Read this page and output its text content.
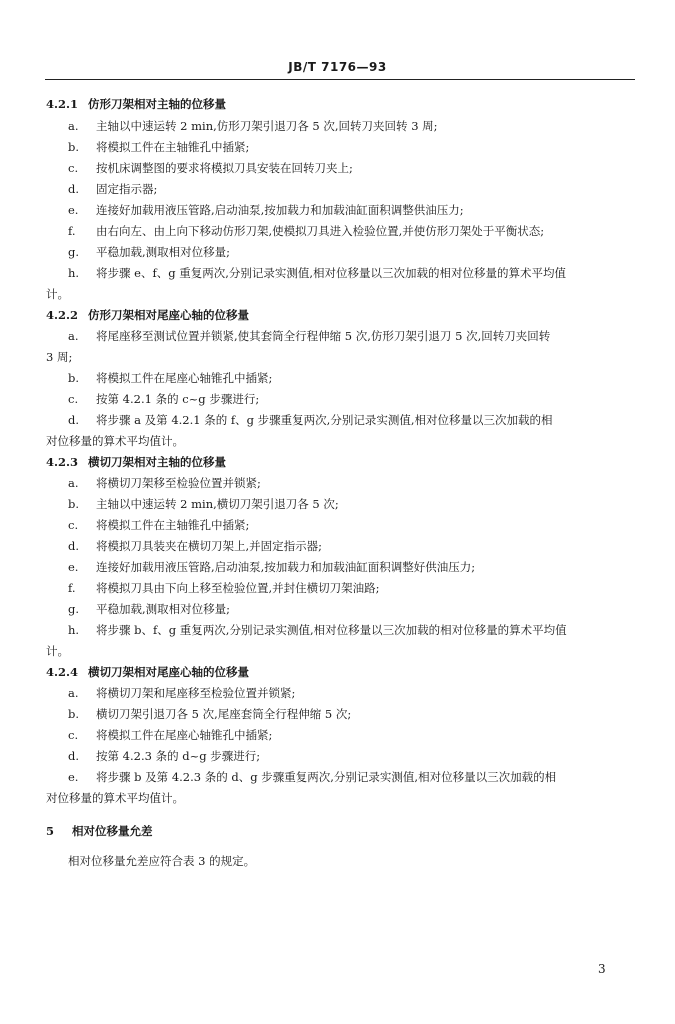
JB/T 7176—93
4.2.1 仿形刀架相对主轴的位移量
a. 主轴以中速运转 2 min,仿形刀架引退刀各 5 次,回转刀夹回转 3 周;
b. 将模拟工件在主轴锥孔中插紧;
c. 按机床调整图的要求将模拟刀具安装在回转刀夹上;
d. 固定指示器;
e. 连接好加载用液压管路,启动油泵,按加载力和加载油缸面积调整供油压力;
f. 由右向左、由上向下移动仿形刀架,使模拟刀具进入检验位置,并使仿形刀架处于平衡状态;
g. 平稳加载,测取相对位移量;
h. 将步骤 e、f、g 重复两次,分别记录实测值,相对位移量以三次加载的相对位移量的算术平均值
计。
4.2.2 仿形刀架相对尾座心轴的位移量
a. 将尾座移至测试位置并锁紧,使其套筒全行程伸缩 5 次,仿形刀架引退刀 5 次,回转刀夹回转
3 周;
b. 将模拟工件在尾座心轴锥孔中插紧;
c. 按第 4.2.1 条的 c~g 步骤进行;
d. 将步骤 a 及第 4.2.1 条的 f、g 步骤重复两次,分别记录实测值,相对位移量以三次加载的相
对位移量的算术平均值计。
4.2.3 横切刀架相对主轴的位移量
a. 将横切刀架移至检验位置并锁紧;
b. 主轴以中速运转 2 min,横切刀架引退刀各 5 次;
c. 将模拟工件在主轴锥孔中插紧;
d. 将模拟刀具装夹在横切刀架上,并固定指示器;
e. 连接好加载用液压管路,启动油泵,按加载力和加载油缸面积调整好供油压力;
f. 将模拟刀具由下向上移至检验位置,并封住横切刀架油路;
g. 平稳加载,测取相对位移量;
h. 将步骤 b、f、g 重复两次,分别记录实测值,相对位移量以三次加载的相对位移量的算术平均值
计。
4.2.4 横切刀架相对尾座心轴的位移量
a. 将横切刀架和尾座移至检验位置并锁紧;
b. 横切刀架引退刀各 5 次,尾座套筒全行程伸缩 5 次;
c. 将模拟工件在尾座心轴锥孔中插紧;
d. 按第 4.2.3 条的 d~g 步骤进行;
e. 将步骤 b 及第 4.2.3 条的 d、g 步骤重复两次,分别记录实测值,相对位移量以三次加载的相
对位移量的算术平均值计。
5 相对位移量允差
相对位移量允差应符合表 3 的规定。
3
